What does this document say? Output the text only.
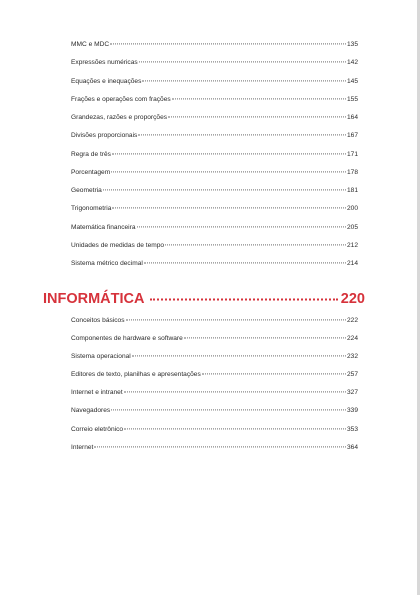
MMC e MDC	135
Expressões numéricas	142
Equações e inequações	145
Frações e operações com frações	155
Grandezas, razões e proporções	164
Divisões proporcionais	167
Regra de três	171
Porcentagem	178
Geometria	181
Trigonometria	200
Matemática financeira	205
Unidades de medidas de tempo	212
Sistema métrico decimal	214
INFORMÁTICA	220
Conceitos básicos	222
Componentes de hardware e software	224
Sistema operacional	232
Editores de texto, planilhas e apresentações	257
Internet e intranet	327
Navegadores	339
Correio eletrônico	353
Internet	364
